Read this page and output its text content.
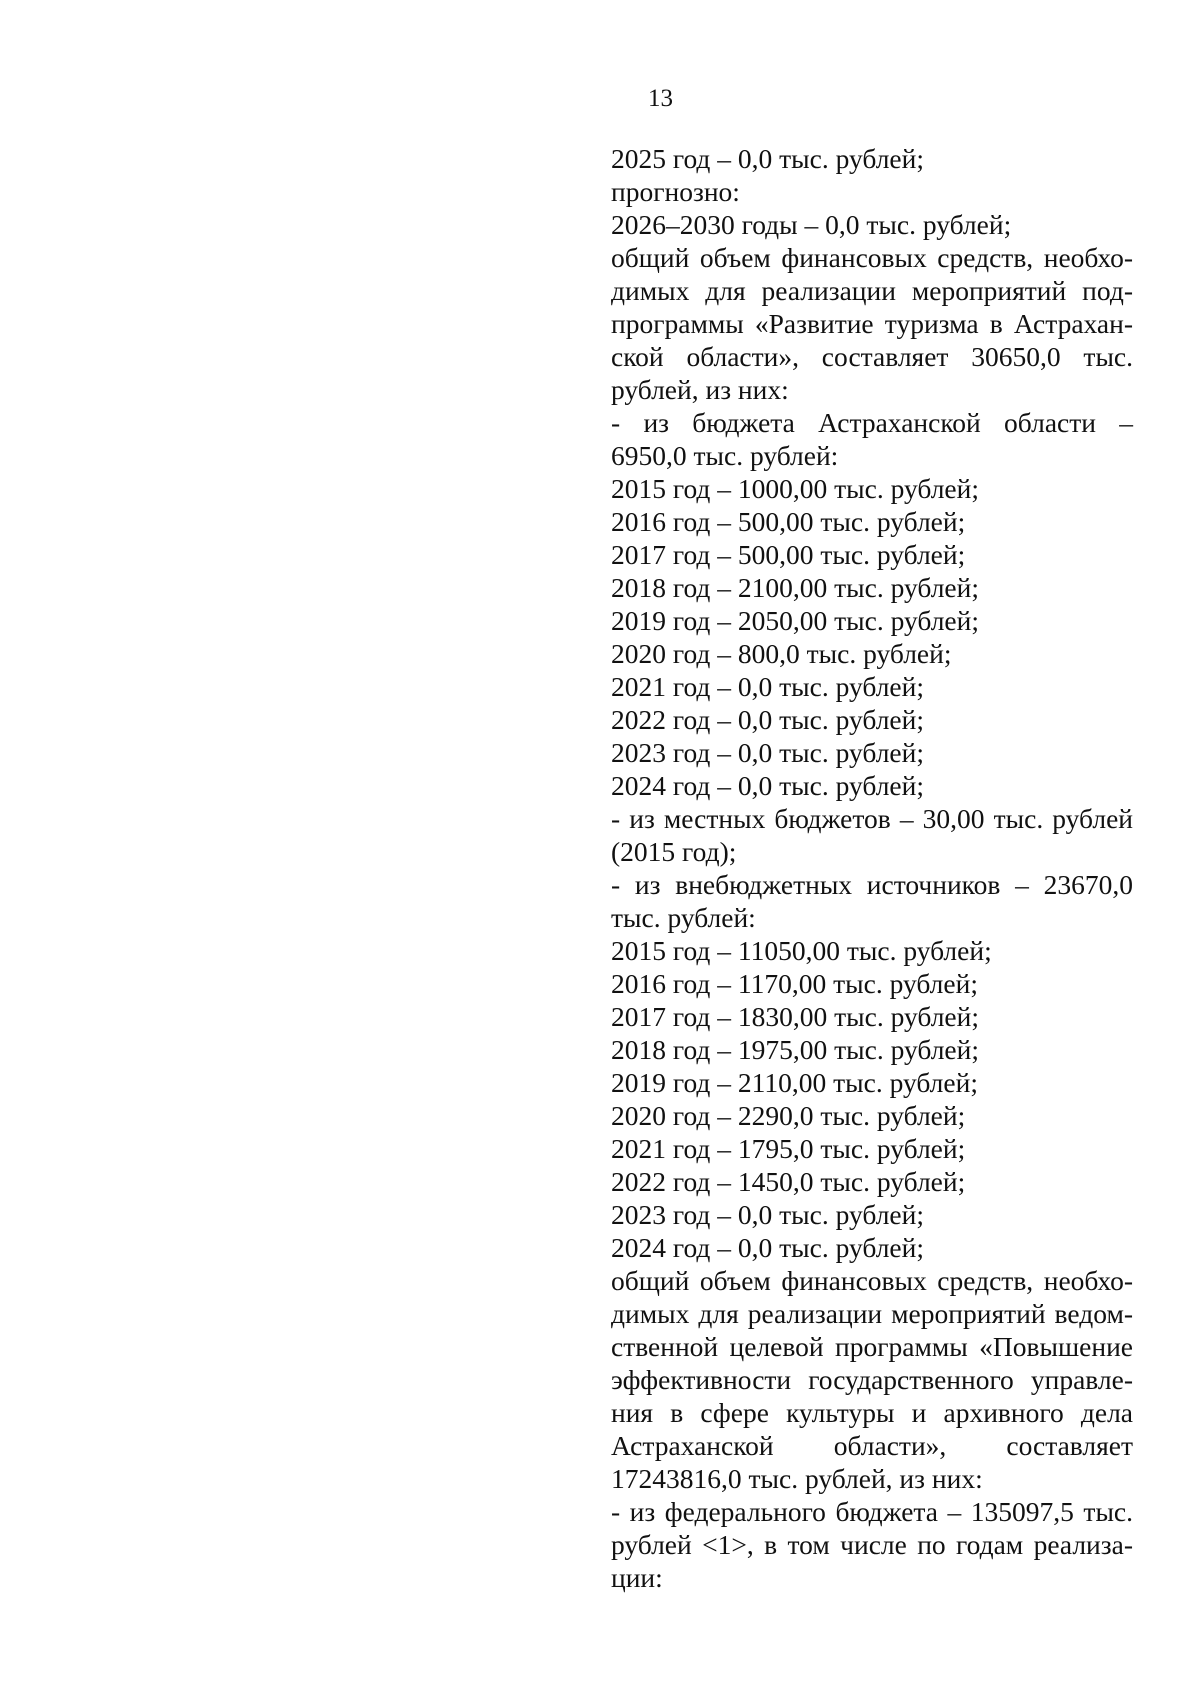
13
2025 год – 0,0 тыс. рублей;
прогнозно:
2026–2030 годы – 0,0 тыс. рублей;
общий объем финансовых средств, необхо-
димых для реализации мероприятий под-
программы «Развитие туризма в Астрахан-
ской области», составляет 30650,0 тыс.
рублей, из них:
- из бюджета Астраханской области –
6950,0 тыс. рублей:
2015 год – 1000,00 тыс. рублей;
2016 год – 500,00 тыс. рублей;
2017 год – 500,00 тыс. рублей;
2018 год – 2100,00 тыс. рублей;
2019 год – 2050,00 тыс. рублей;
2020 год – 800,0 тыс. рублей;
2021 год – 0,0 тыс. рублей;
2022 год – 0,0 тыс. рублей;
2023 год – 0,0 тыс. рублей;
2024 год – 0,0 тыс. рублей;
- из местных бюджетов – 30,00 тыс. рублей
(2015 год);
- из внебюджетных источников – 23670,0
тыс. рублей:
2015 год – 11050,00 тыс. рублей;
2016 год – 1170,00 тыс. рублей;
2017 год – 1830,00 тыс. рублей;
2018 год – 1975,00 тыс. рублей;
2019 год – 2110,00 тыс. рублей;
2020 год – 2290,0 тыс. рублей;
2021 год – 1795,0 тыс. рублей;
2022 год – 1450,0 тыс. рублей;
2023 год – 0,0 тыс. рублей;
2024 год – 0,0 тыс. рублей;
общий объем финансовых средств, необхо-
димых для реализации мероприятий ведом-
ственной целевой программы «Повышение
эффективности государственного управле-
ния в сфере культуры и архивного дела
Астраханской области», составляет
17243816,0 тыс. рублей, из них:
- из федерального бюджета – 135097,5 тыс.
рублей <1>, в том числе по годам реализа-
ции:
